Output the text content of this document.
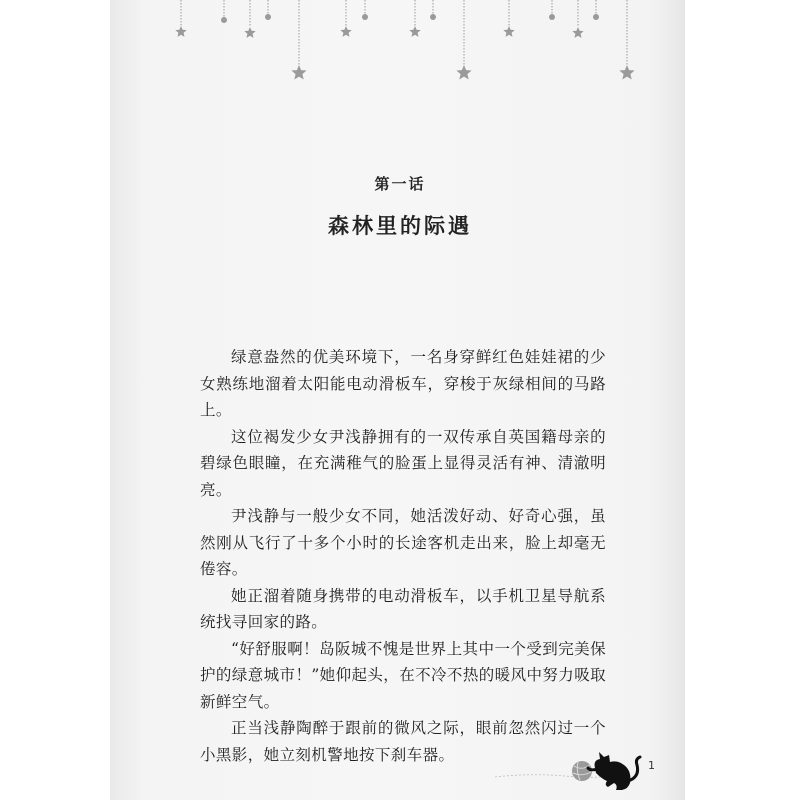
第一话
森林里的际遇

绿意盎然的优美环境下，一名身穿鲜红色娃娃裙的少女熟练地溜着太阳能电动滑板车，穿梭于灰绿相间的马路上。

这位褐发少女尹浅静拥有的一双传承自英国籍母亲的碧绿色眼瞳，在充满稚气的脸蛋上显得灵活有神、清澈明亮。

尹浅静与一般少女不同，她活泼好动、好奇心强，虽然刚从飞行了十多个小时的长途客机走出来，脸上却毫无倦容。

她正溜着随身携带的电动滑板车，以手机卫星导航系统找寻回家的路。

“好舒服啊！岛阪城不愧是世界上其中一个受到完美保护的绿意城市！”她仰起头，在不冷不热的暖风中努力吸取新鲜空气。

正当浅静陶醉于跟前的微风之际，眼前忽然闪过一个小黑影，她立刻机警地按下刹车器。

1
